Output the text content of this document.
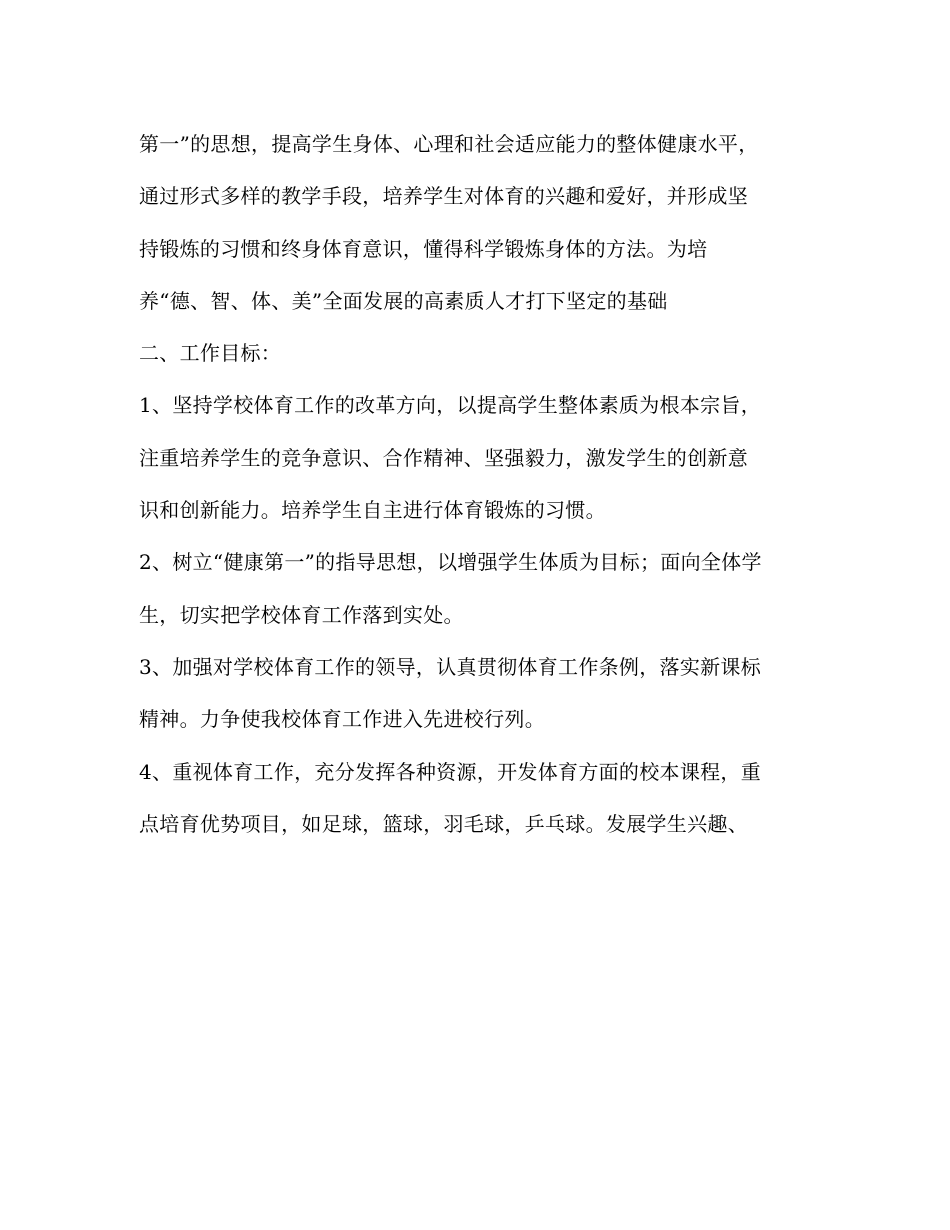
第一”的思想，提高学生身体、心理和社会适应能力的整体健康水平，
通过形式多样的教学手段，培养学生对体育的兴趣和爱好，并形成坚
持锻炼的习惯和终身体育意识，懂得科学锻炼身体的方法。为培
养“德、智、体、美”全面发展的高素质人才打下坚定的基础
二、工作目标：
1、坚持学校体育工作的改革方向，以提高学生整体素质为根本宗旨，
注重培养学生的竞争意识、合作精神、坚强毅力，激发学生的创新意
识和创新能力。培养学生自主进行体育锻炼的习惯。
2、树立“健康第一”的指导思想，以增强学生体质为目标；面向全体学
生，切实把学校体育工作落到实处。
3、加强对学校体育工作的领导，认真贯彻体育工作条例，落实新课标
精神。力争使我校体育工作进入先进校行列。
4、重视体育工作，充分发挥各种资源，开发体育方面的校本课程，重
点培育优势项目，如足球，篮球，羽毛球，乒乓球。发展学生兴趣、
